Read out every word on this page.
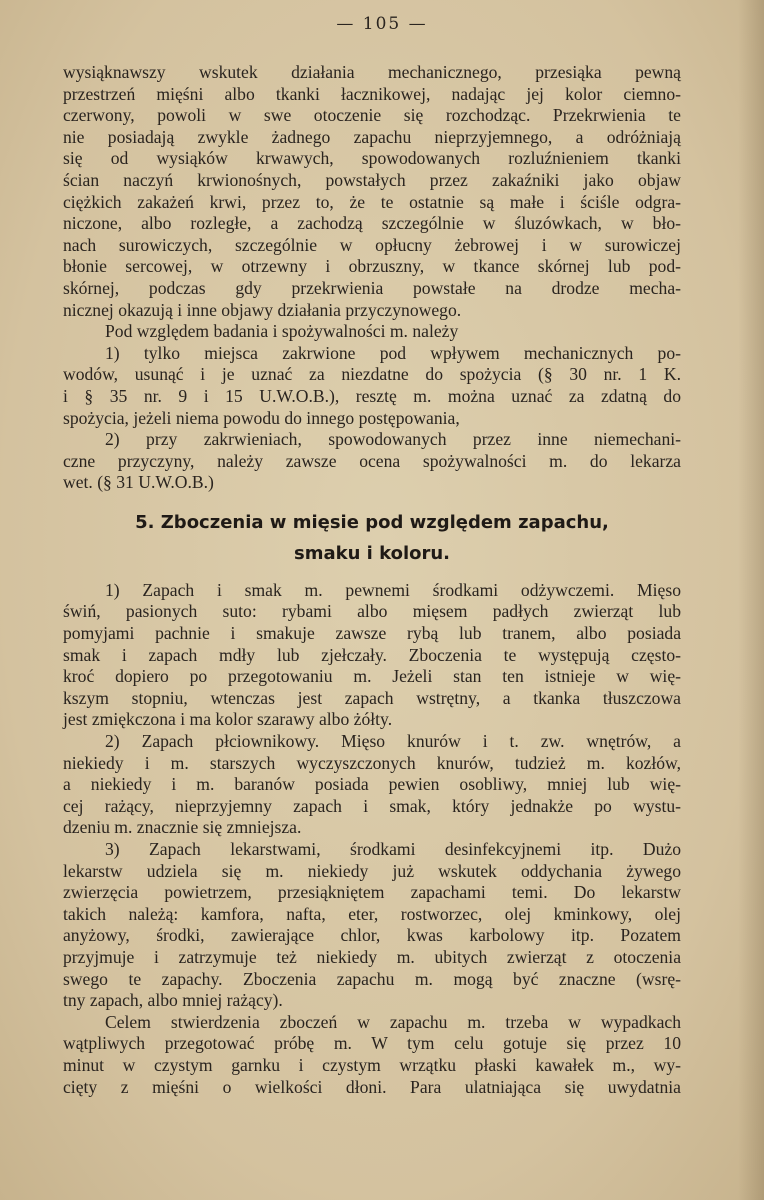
— 105 —

wysiąknawszy wskutek działania mechanicznego, przesiąka pewną

przestrzeń mięśni albo tkanki łacznikowej, nadając jej kolor ciemno-

czerwony, powoli w swe otoczenie się rozchodząc. Przekrwienia te

nie posiadają zwykle żadnego zapachu nieprzyjemnego, a odróżniają

się od wysiąków krwawych, spowodowanych rozluźnieniem tkanki

ścian naczyń krwionośnych, powstałych przez zakaźniki jako objaw

ciężkich zakażeń krwi, przez to, że te ostatnie są małe i ściśle odgra-

niczone, albo rozległe, a zachodzą szczególnie w śluzówkach, w bło-

nach surowiczych, szczególnie w opłucny żebrowej i w surowiczej

błonie sercowej, w otrzewny i obrzuszny, w tkance skórnej lub pod-

skórnej, podczas gdy przekrwienia powstałe na drodze mecha-

nicznej okazują i inne objawy działania przyczynowego.

Pod względem badania i spożywalności m. należy

1) tylko miejsca zakrwione pod wpływem mechanicznych po-

wodów, usunąć i je uznać za niezdatne do spożycia (§ 30 nr. 1 K.

i § 35 nr. 9 i 15 U.W.O.B.), resztę m. można uznać za zdatną do

spożycia, jeżeli niema powodu do innego postępowania,

2) przy zakrwieniach, spowodowanych przez inne niemechani-

czne przyczyny, należy zawsze ocena spożywalności m. do lekarza

wet. (§ 31 U.W.O.B.)

5. Zboczenia w mięsie pod względem zapachu,
smaku i koloru.

1) Zapach i smak m. pewnemi środkami odżywczemi. Mięso

świń, pasionych suto: rybami albo mięsem padłych zwierząt lub

pomyjami pachnie i smakuje zawsze rybą lub tranem, albo posiada

smak i zapach mdły lub zjełczały. Zboczenia te występują często-

kroć dopiero po przegotowaniu m. Jeżeli stan ten istnieje w wię-

kszym stopniu, wtenczas jest zapach wstrętny, a tkanka tłuszczowa

jest zmiękczona i ma kolor szarawy albo żółty.

2) Zapach płciownikowy. Mięso knurów i t. zw. wnętrów, a

niekiedy i m. starszych wyczyszczonych knurów, tudzież m. kozłów,

a niekiedy i m. baranów posiada pewien osobliwy, mniej lub wię-

cej rażący, nieprzyjemny zapach i smak, który jednakże po wystu-

dzeniu m. znacznie się zmniejsza.

3) Zapach lekarstwami, środkami desinfekcyjnemi itp. Dużo

lekarstw udziela się m. niekiedy już wskutek oddychania żywego

zwierzęcia powietrzem, przesiąkniętem zapachami temi. Do lekarstw

takich należą: kamfora, nafta, eter, rostworzec, olej kminkowy, olej

anyżowy, środki, zawierające chlor, kwas karbolowy itp. Pozatem

przyjmuje i zatrzymuje też niekiedy m. ubitych zwierząt z otoczenia

swego te zapachy. Zboczenia zapachu m. mogą być znaczne (wsrę-

tny zapach, albo mniej rażący).

Celem stwierdzenia zboczeń w zapachu m. trzeba w wypadkach

wątpliwych przegotować próbę m. W tym celu gotuje się przez 10

minut w czystym garnku i czystym wrzątku płaski kawałek m., wy-

cięty z mięśni o wielkości dłoni. Para ulatniająca się uwydatnia
